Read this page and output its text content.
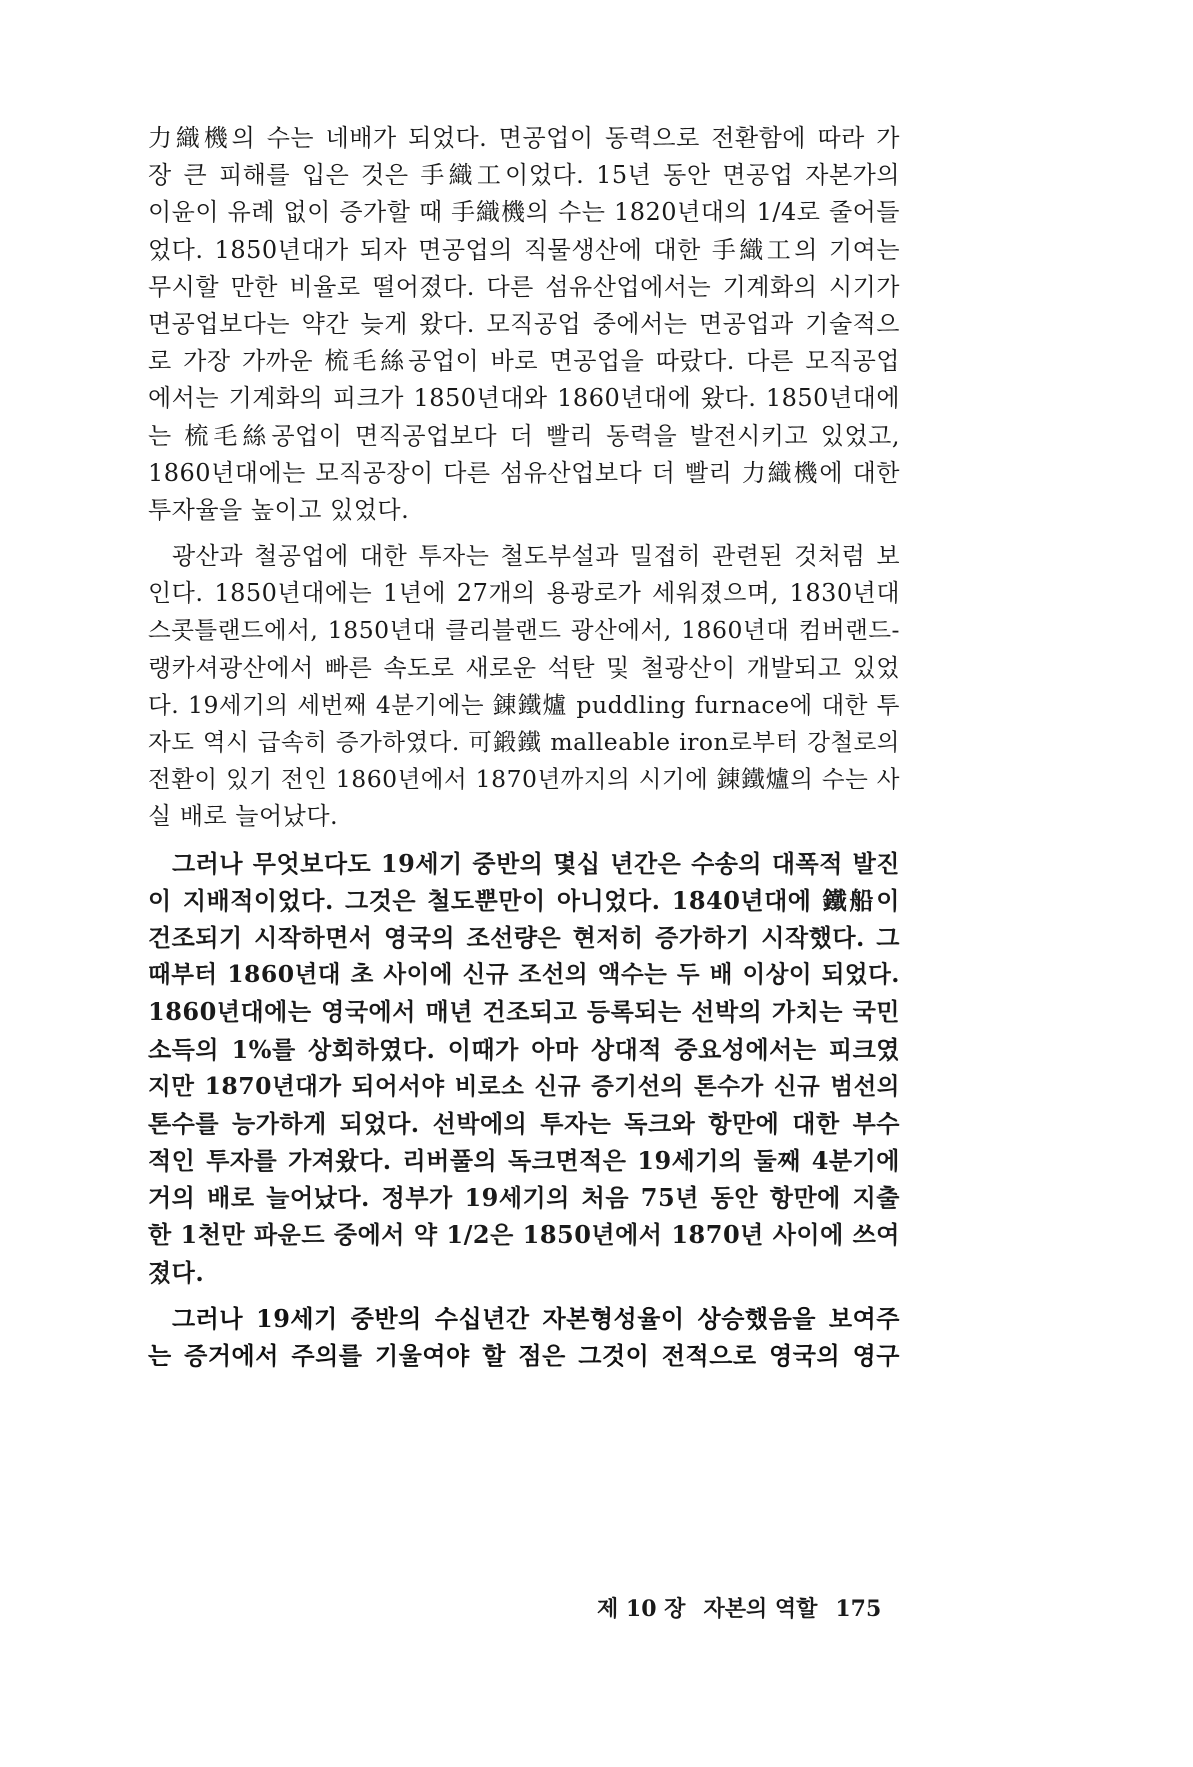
力織機의 수는 네배가 되었다. 면공업이 동력으로 전환함에 따라 가
장 큰 피해를 입은 것은 手織工이었다. 15년 동안 면공업 자본가의
이윤이 유례 없이 증가할 때 手織機의 수는 1820년대의 1/4로 줄어들
었다. 1850년대가 되자 면공업의 직물생산에 대한 手織工의 기여는
무시할 만한 비율로 떨어졌다. 다른 섬유산업에서는 기계화의 시기가
면공업보다는 약간 늦게 왔다. 모직공업 중에서는 면공업과 기술적으
로 가장 가까운 梳毛絲공업이 바로 면공업을 따랐다. 다른 모직공업
에서는 기계화의 피크가 1850년대와 1860년대에 왔다. 1850년대에
는 梳毛絲공업이 면직공업보다 더 빨리 동력을 발전시키고 있었고,
1860년대에는 모직공장이 다른 섬유산업보다 더 빨리 力織機에 대한
투자율을 높이고 있었다.
광산과 철공업에 대한 투자는 철도부설과 밀접히 관련된 것처럼 보
인다. 1850년대에는 1년에 27개의 용광로가 세워졌으며, 1830년대
스콧틀랜드에서, 1850년대 클리블랜드 광산에서, 1860년대 컴버랜드-
랭카셔광산에서 빠른 속도로 새로운 석탄 및 철광산이 개발되고 있었
다. 19세기의 세번째 4분기에는 錬鐵爐 puddling furnace에 대한 투
자도 역시 급속히 증가하였다. 可鍛鐵 malleable iron로부터 강철로의
전환이 있기 전인 1860년에서 1870년까지의 시기에 錬鐵爐의 수는 사
실 배로 늘어났다.
그러나 무엇보다도 19세기 중반의 몇십 년간은 수송의 대폭적 발진
이 지배적이었다. 그것은 철도뿐만이 아니었다. 1840년대에 鐵船이
건조되기 시작하면서 영국의 조선량은 현저히 증가하기 시작했다. 그
때부터 1860년대 초 사이에 신규 조선의 액수는 두 배 이상이 되었다.
1860년대에는 영국에서 매년 건조되고 등록되는 선박의 가치는 국민
소득의 1%를 상회하였다. 이때가 아마 상대적 중요성에서는 피크였
지만 1870년대가 되어서야 비로소 신규 증기선의 톤수가 신규 범선의
톤수를 능가하게 되었다. 선박에의 투자는 독크와 항만에 대한 부수
적인 투자를 가져왔다. 리버풀의 독크면적은 19세기의 둘째 4분기에
거의 배로 늘어났다. 정부가 19세기의 처음 75년 동안 항만에 지출
한 1천만 파운드 중에서 약 1/2은 1850년에서 1870년 사이에 쓰여
졌다.
그러나 19세기 중반의 수십년간 자본형성율이 상승했음을 보여주
는 증거에서 주의를 기울여야 할 점은 그것이 전적으로 영국의 영구
제 10 장 자본의 역할 175
